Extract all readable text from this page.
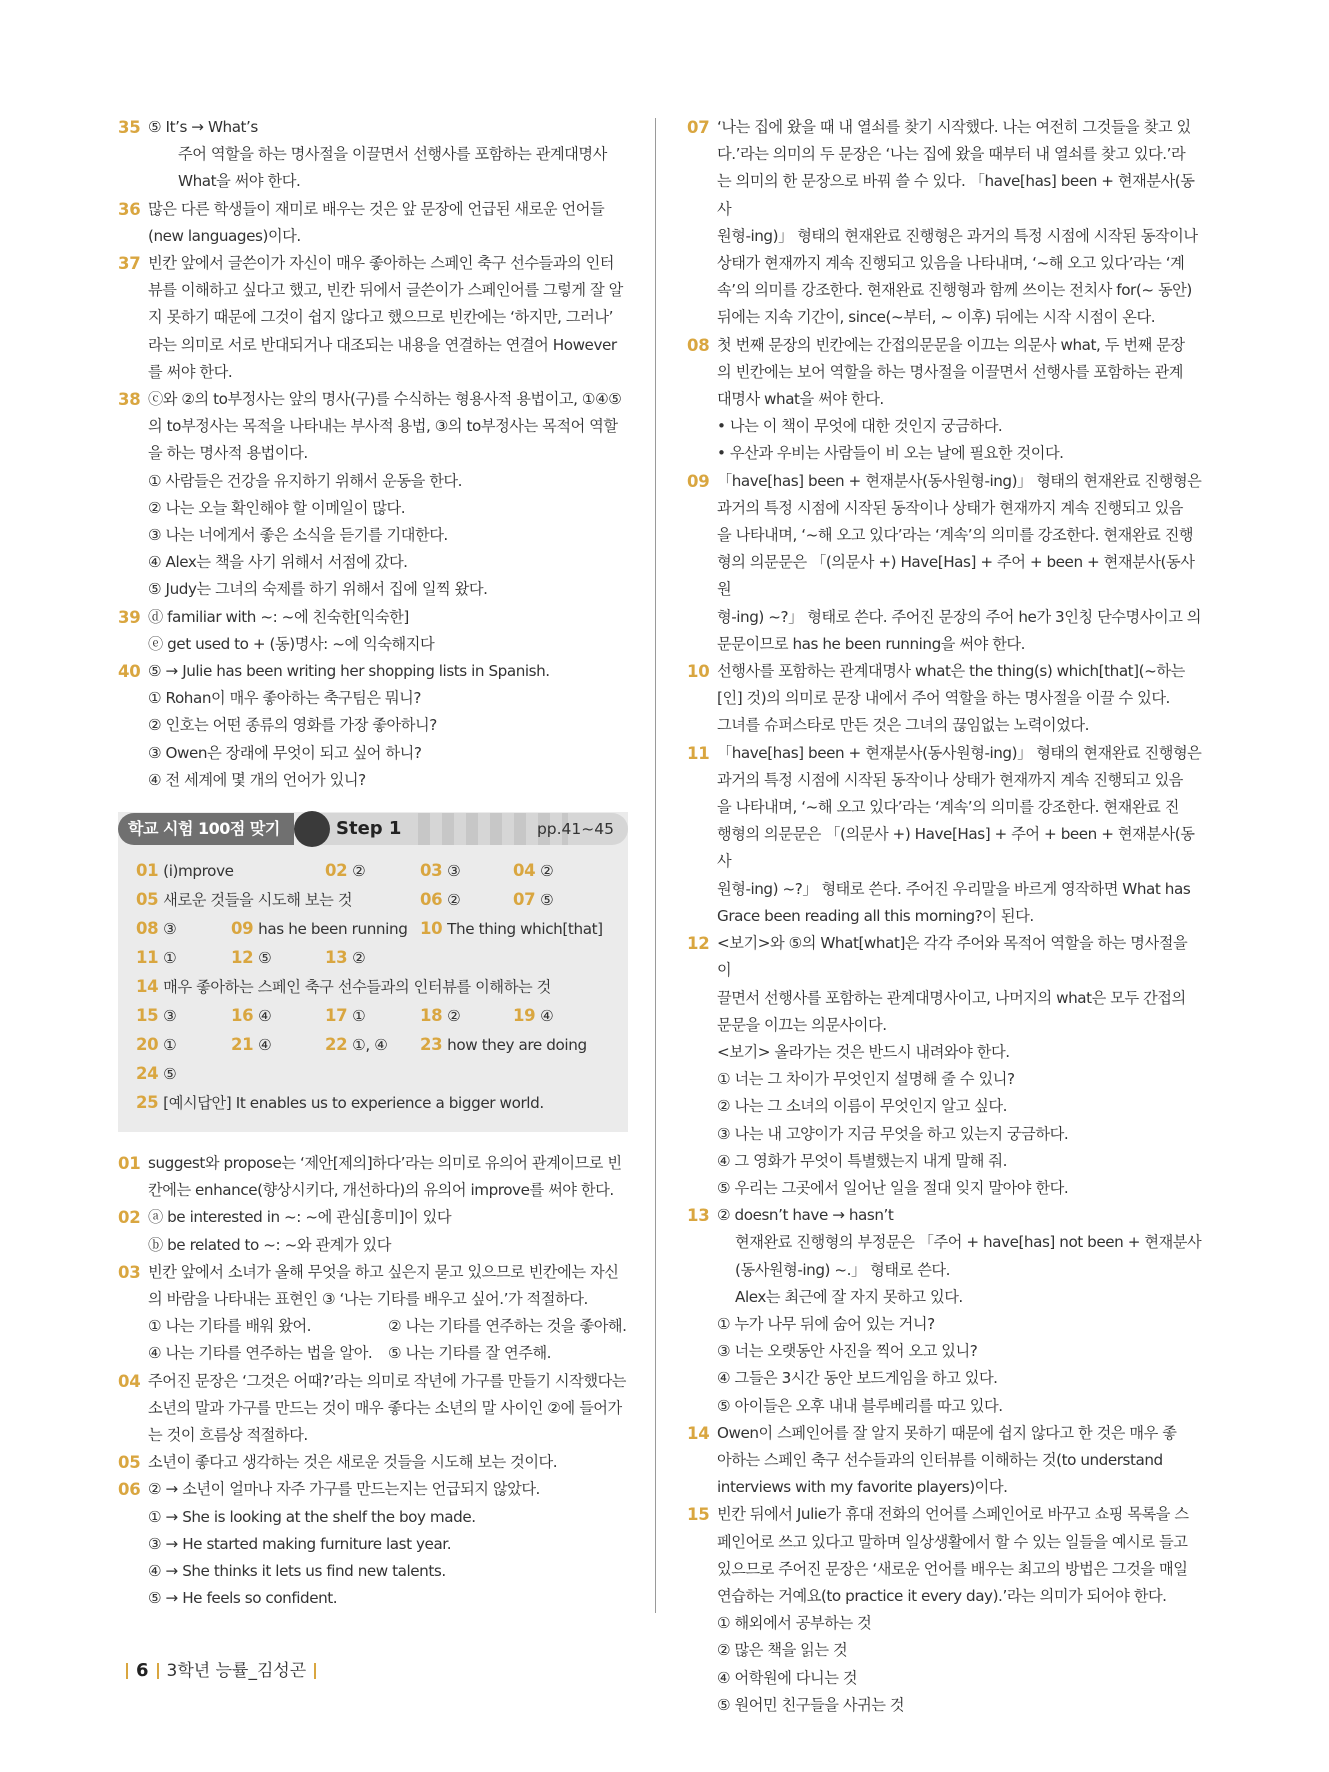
35 ⑤ It’s → What’s
주어 역할을 하는 명사절을 이끌면서 선행사를 포함하는 관계대명사
What을 써야 한다.
36 많은 다른 학생들이 재미로 배우는 것은 앞 문장에 언급된 새로운 언어들
(new languages)이다.
37 빈칸 앞에서 글쓴이가 자신이 매우 좋아하는 스페인 축구 선수들과의 인터
뷰를 이해하고 싶다고 했고, 빈칸 뒤에서 글쓴이가 스페인어를 그렇게 잘 알
지 못하기 때문에 그것이 쉽지 않다고 했으므로 빈칸에는 ‘하지만, 그러나’
라는 의미로 서로 반대되거나 대조되는 내용을 연결하는 연결어 However
를 써야 한다.
38 ⓒ와 ②의 to부정사는 앞의 명사(구)를 수식하는 형용사적 용법이고, ①④⑤
의 to부정사는 목적을 나타내는 부사적 용법, ③의 to부정사는 목적어 역할
을 하는 명사적 용법이다.
① 사람들은 건강을 유지하기 위해서 운동을 한다.
② 나는 오늘 확인해야 할 이메일이 많다.
③ 나는 너에게서 좋은 소식을 듣기를 기대한다.
④ Alex는 책을 사기 위해서 서점에 갔다.
⑤ Judy는 그녀의 숙제를 하기 위해서 집에 일찍 왔다.
39 ⓓ familiar with ~: ~에 친숙한[익숙한]
ⓔ get used to + (동)명사: ~에 익숙해지다
40 ⑤ → Julie has been writing her shopping lists in Spanish.
① Rohan이 매우 좋아하는 축구팀은 뭐니?
② 인호는 어떤 종류의 영화를 가장 좋아하니?
③ Owen은 장래에 무엇이 되고 싶어 하니?
④ 전 세계에 몇 개의 언어가 있니?
학교 시험 100점 맞기	Step 1	pp.41~45
01 (i)mprove	02 ②	03 ③	04 ②
05 새로운 것들을 시도해 보는 것	06 ②	07 ⑤
08 ③	09 has he been running 10 The thing which[that]
11 ①	12 ⑤	13 ②
14 매우 좋아하는 스페인 축구 선수들과의 인터뷰를 이해하는 것
15 ③	16 ④	17 ①	18 ②	19 ④
20 ①	21 ④	22 ①, ④ 23 how they are doing
24 ⑤
25 [예시답안] It enables us to experience a bigger world.
01 suggest와 propose는 ‘제안[제의]하다’라는 의미로 유의어 관계이므로 빈
칸에는 enhance(향상시키다, 개선하다)의 유의어 improve를 써야 한다.
02 ⓐ be interested in ~: ~에 관심[흥미]이 있다
ⓑ be related to ~: ~와 관계가 있다
03 빈칸 앞에서 소녀가 올해 무엇을 하고 싶은지 묻고 있으므로 빈칸에는 자신
의 바람을 나타내는 표현인 ③ ‘나는 기타를 배우고 싶어.’가 적절하다.
① 나는 기타를 배워 왔어.	② 나는 기타를 연주하는 것을 좋아해.
④ 나는 기타를 연주하는 법을 알아.	⑤ 나는 기타를 잘 연주해.
04 주어진 문장은 ‘그것은 어때?’라는 의미로 작년에 가구를 만들기 시작했다는
소년의 말과 가구를 만드는 것이 매우 좋다는 소년의 말 사이인 ②에 들어가
는 것이 흐름상 적절하다.
05 소년이 좋다고 생각하는 것은 새로운 것들을 시도해 보는 것이다.
06 ② → 소년이 얼마나 자주 가구를 만드는지는 언급되지 않았다.
① → She is looking at the shelf the boy made.
③ → He started making furniture last year.
④ → She thinks it lets us find new talents.
⑤ → He feels so confident.
07 ‘나는 집에 왔을 때 내 열쇠를 찾기 시작했다. 나는 여전히 그것들을 찾고 있
다.’라는 의미의 두 문장은 ‘나는 집에 왔을 때부터 내 열쇠를 찾고 있다.’라
는 의미의 한 문장으로 바꿔 쓸 수 있다. 「have[has] been + 현재분사(동사
원형-ing)」 형태의 현재완료 진행형은 과거의 특정 시점에 시작된 동작이나
상태가 현재까지 계속 진행되고 있음을 나타내며, ‘~해 오고 있다’라는 ‘계
속’의 의미를 강조한다. 현재완료 진행형과 함께 쓰이는 전치사 for(~ 동안)
뒤에는 지속 기간이, since(~부터, ~ 이후) 뒤에는 시작 시점이 온다.
08 첫 번째 문장의 빈칸에는 간접의문문을 이끄는 의문사 what, 두 번째 문장
의 빈칸에는 보어 역할을 하는 명사절을 이끌면서 선행사를 포함하는 관계
대명사 what을 써야 한다.
• 나는 이 책이 무엇에 대한 것인지 궁금하다.
• 우산과 우비는 사람들이 비 오는 날에 필요한 것이다.
09 「have[has] been + 현재분사(동사원형-ing)」 형태의 현재완료 진행형은
과거의 특정 시점에 시작된 동작이나 상태가 현재까지 계속 진행되고 있음
을 나타내며, ‘~해 오고 있다’라는 ‘계속’의 의미를 강조한다. 현재완료 진행
형의 의문문은 「(의문사 +) Have[Has] + 주어 + been + 현재분사(동사원
형-ing) ~?」 형태로 쓴다. 주어진 문장의 주어 he가 3인칭 단수명사이고 의
문문이므로 has he been running을 써야 한다.
10 선행사를 포함하는 관계대명사 what은 the thing(s) which[that](~하는
[인] 것)의 의미로 문장 내에서 주어 역할을 하는 명사절을 이끌 수 있다.
그녀를 슈퍼스타로 만든 것은 그녀의 끊임없는 노력이었다.
11 「have[has] been + 현재분사(동사원형-ing)」 형태의 현재완료 진행형은
과거의 특정 시점에 시작된 동작이나 상태가 현재까지 계속 진행되고 있음
을 나타내며, ‘~해 오고 있다’라는 ‘계속’의 의미를 강조한다. 현재완료 진
행형의 의문문은 「(의문사 +) Have[Has] + 주어 + been + 현재분사(동사
원형-ing) ~?」 형태로 쓴다. 주어진 우리말을 바르게 영작하면 What has
Grace been reading all this morning?이 된다.
12 <보기>와 ⑤의 What[what]은 각각 주어와 목적어 역할을 하는 명사절을 이
끌면서 선행사를 포함하는 관계대명사이고, 나머지의 what은 모두 간접의
문문을 이끄는 의문사이다.
<보기> 올라가는 것은 반드시 내려와야 한다.
① 너는 그 차이가 무엇인지 설명해 줄 수 있니?
② 나는 그 소녀의 이름이 무엇인지 알고 싶다.
③ 나는 내 고양이가 지금 무엇을 하고 있는지 궁금하다.
④ 그 영화가 무엇이 특별했는지 내게 말해 줘.
⑤ 우리는 그곳에서 일어난 일을 절대 잊지 말아야 한다.
13 ② doesn’t have → hasn’t
현재완료 진행형의 부정문은 「주어 + have[has] not been + 현재분사
(동사원형-ing) ~.」 형태로 쓴다.
Alex는 최근에 잘 자지 못하고 있다.
① 누가 나무 뒤에 숨어 있는 거니?
③ 너는 오랫동안 사진을 찍어 오고 있니?
④ 그들은 3시간 동안 보드게임을 하고 있다.
⑤ 아이들은 오후 내내 블루베리를 따고 있다.
14 Owen이 스페인어를 잘 알지 못하기 때문에 쉽지 않다고 한 것은 매우 좋
아하는 스페인 축구 선수들과의 인터뷰를 이해하는 것(to understand
interviews with my favorite players)이다.
15 빈칸 뒤에서 Julie가 휴대 전화의 언어를 스페인어로 바꾸고 쇼핑 목록을 스
페인어로 쓰고 있다고 말하며 일상생활에서 할 수 있는 일들을 예시로 들고
있으므로 주어진 문장은 ‘새로운 언어를 배우는 최고의 방법은 그것을 매일
연습하는 거예요(to practice it every day).’라는 의미가 되어야 한다.
① 해외에서 공부하는 것
② 많은 책을 읽는 것
④ 어학원에 다니는 것
⑤ 원어민 친구들을 사귀는 것
6 3학년 능률_김성곤
